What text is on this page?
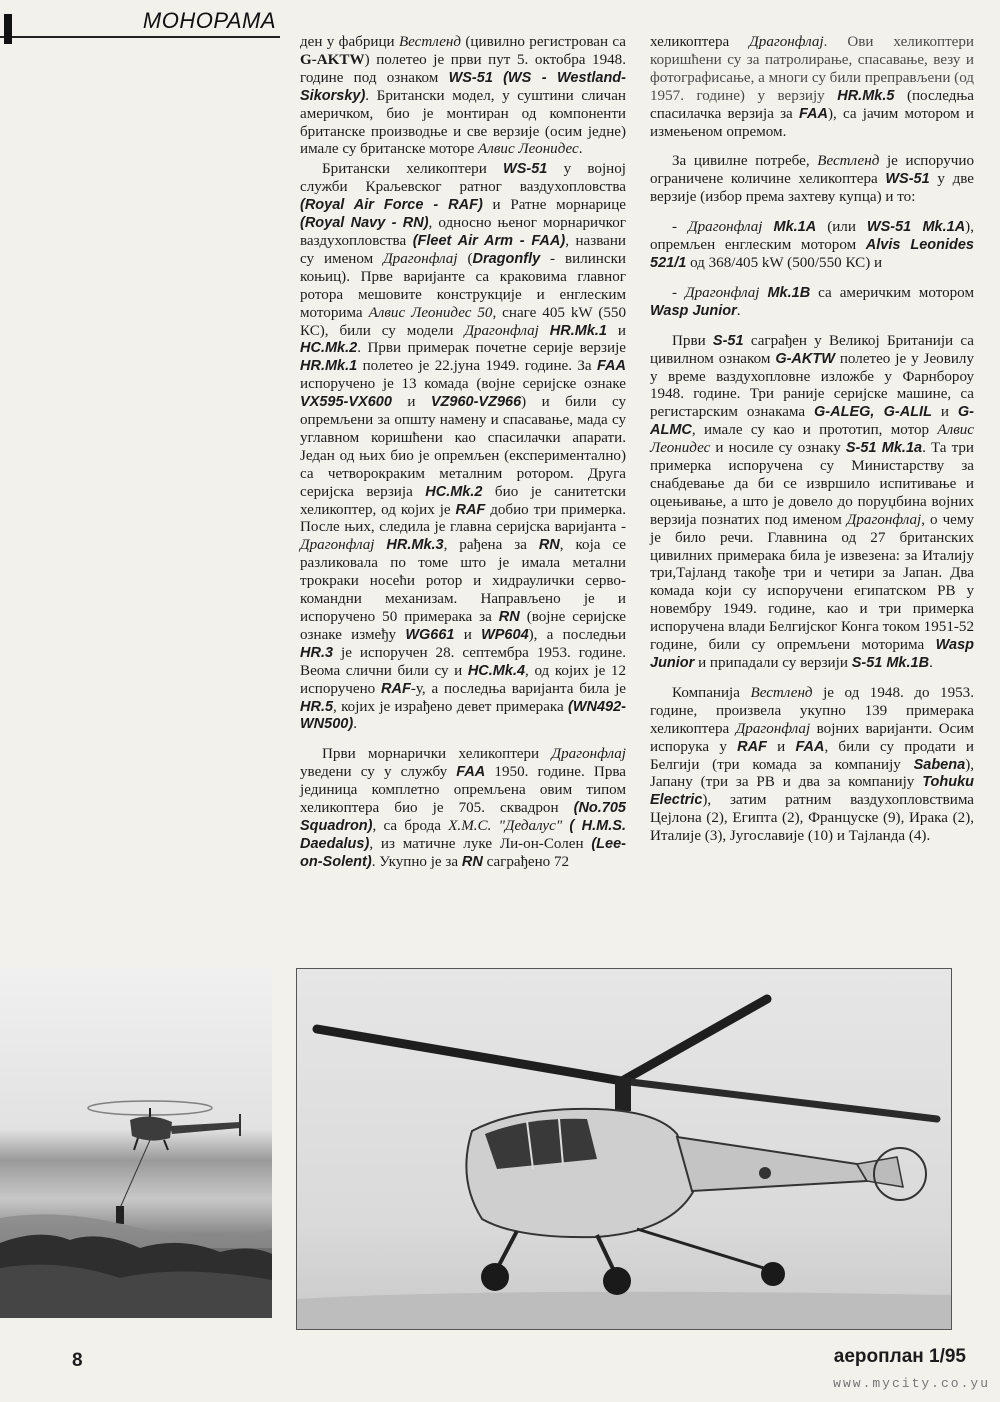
МОНОРАМА

ден у фабрици Вестленд (цивилно регистрован са G-AKTW) полетео је први пут 5. октобра 1948. године под ознаком WS-51 (WS - Westland-Sikorsky). Британски модел, у суштини сличан америчком, био је монтиран од компоненти британске производње и све верзије (осим једне) имале су британске моторе Алвис Леонидес.

Британски хеликоптери WS-51 у војној служби Краљевског ратног ваздухопловства (Royal Air Force - RAF) и Ратне морнарице (Royal Navy - RN), односно њеног морнаричког ваздухопловства (Fleet Air Arm - FAA), названи су именом Драгонфлај (Dragonfly - вилински коњиц). Прве варијанте са краковима главног ротора мешовите конструкције и енглеским моторима Алвис Леонидес 50, снаге 405 kW (550 КС), били су модели Драгонфлај HR.Mk.1 и HC.Mk.2. Први примерак почетне серије верзије HR.Mk.1 полетео је 22.јуна 1949. године. За FAA испоручено је 13 комада (војне серијске ознаке VX595-VX600 и VZ960-VZ966) и били су опремљени за општу намену и спасавање, мада су углавном коришћени као спасилачки апарати. Један од њих био је опремљен (експериментално) са четворокраким металним ротором. Друга серијска верзија HC.Mk.2 био је санитетски хеликоптер, од којих је RAF добио три примерка. После њих, следила је главна серијска варијанта - Драгонфлај HR.Mk.3, рађена за RN, која се разликовала по томе што је имала метални трокраки носећи ротор и хидраулички серво-командни механизам. Направљено је и испоручено 50 примерака за RN (војне серијске ознаке између WG661 и WP604), а последњи HR.3 је испоручен 28. септембра 1953. године. Веома слични били су и HC.Mk.4, од којих је 12 испоручено RAF-у, а последња варијанта била је HR.5, којих је израђено девет примерака (WN492-WN500).

Први морнарички хеликоптери Драгонфлај уведени су у службу FAA 1950. године. Прва јединица комплетно опремљена овим типом хеликоптера био је 705. сквадрон (No.705 Squadron), са брода Х.М.С. "Дедалус" ( H.M.S. Daedalus), из матичне луке Ли-он-Солен (Lee-on-Solent). Укупно је за RN саграђено 72

хеликоптера Драгонфлај. Ови хеликоптери коришћени су за патролирање, спасавање, везу и фотографисање, а многи су били преправљени (од 1957. године) у верзију HR.Mk.5 (последња спасилачка верзија за FAA), са јачим мотором и измењеном опремом.

За цивилне потребе, Вестленд је испоручио ограничене количине хеликоптера WS-51 у две верзије (избор према захтеву купца) и то:

- Драгонфлај Mk.1A (или WS-51 Mk.1A), опремљен енглеским мотором Alvis Leonides 521/1 од 368/405 kW (500/550 КС) и

- Драгонфлај Mk.1B са америчким мотором Wasp Junior.

Први S-51 саграђен у Великој Британији са цивилном ознаком G-AKTW полетео је у Јеовилу у време ваздухопловне изложбе у Фарнбороу 1948. године. Три раније серијске машине, са регистарским ознакама G-ALEG, G-ALIL и G-ALMC, имале су као и прототип, мотор Алвис Леонидес и носиле су ознаку S-51 Mk.1a. Та три примерка испоручена су Министарству за снабдевање да би се извршило испитивање и оцењивање, а што је довело до поруџбина војних верзија познатих под именом Драгонфлај, о чему је било речи. Главнина од 27 британских цивилних примерака била је извезена: за Италију три,Тајланд такође три и четири за Јапан. Два комада који су испоручени египатском РВ у новембру 1949. године, као и три примерка испоручена влади Белгијског Конга током 1951-52 године, били су опремљени моторима Wasp Junior и припадали су верзији S-51 Mk.1B.

Компанија Вестленд је од 1948. до 1953. године, произвела укупно 139 примерака хеликоптера Драгонфлај војних варијанти. Осим испорука у RAF и FAA, били су продати и Белгији (три комада за компанију Sabena), Јапану (три за РВ и два за компанију Tohuku Electric), затим ратним ваздухопловствима Цејлона (2), Египта (2), Француске (9), Ирака (2), Италије (3), Југославије (10) и Тајланда (4).

8	аероплан 1/95
www.mycity.co.yu
